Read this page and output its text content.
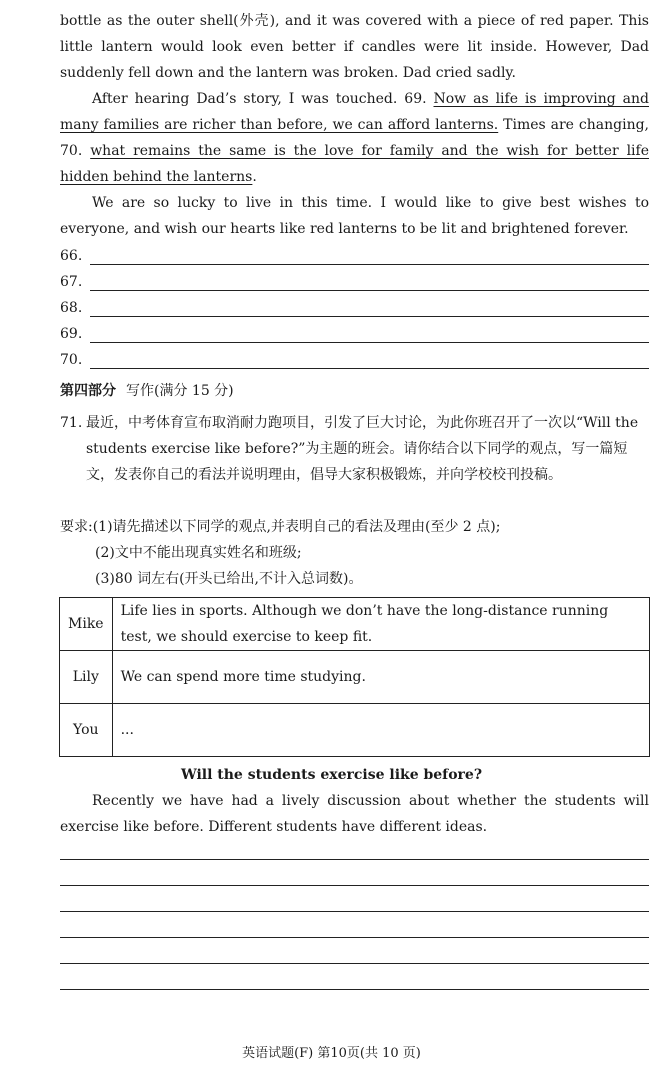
bottle as the outer shell(外壳), and it was covered with a piece of red paper. This little lantern would look even better if candles were lit inside. However, Dad suddenly fell down and the lantern was broken. Dad cried sadly.

After hearing Dad’s story, I was touched. 69. Now as life is improving and many families are richer than before, we can afford lanterns. Times are changing, 70. what remains the same is the love for family and the wish for better life hidden behind the lanterns.

We are so lucky to live in this time. I would like to give best wishes to everyone, and wish our hearts like red lanterns to be lit and brightened forever.

66.
67.
68.
69.
70.
第四部分 写作(满分 15 分)
71. 最近，中考体育宣布取消耐力跑项目，引发了巨大讨论，为此你班召开了一次以“Will the students exercise like before?”为主题的班会。请你结合以下同学的观点，写一篇短文，发表你自己的看法并说明理由，倡导大家积极锻炼，并向学校校刊投稿。
要求:(1)请先描述以下同学的观点,并表明自己的看法及理由(至少 2 点);
(2)文中不能出现真实姓名和班级;
(3)80 词左右(开头已给出,不计入总词数)。
Mike	Life lies in sports. Although we don’t have the long-distance running test, we should exercise to keep fit.
Lily	We can spend more time studying.
You	...
Will the students exercise like before?

Recently we have had a lively discussion about whether the students will exercise like before. Different students have different ideas.

英语试题(F) 第10页(共 10 页)
